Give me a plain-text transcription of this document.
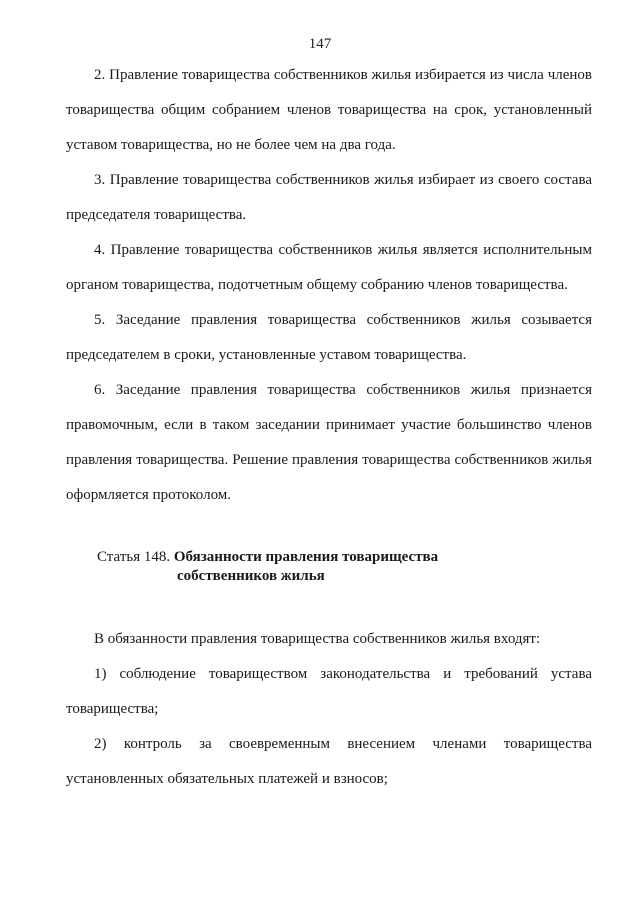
147

2. Правление товарищества собственников жилья избирается из числа членов товарищества общим собранием членов товарищества на срок, установленный уставом товарищества, но не более чем на два года.

3. Правление товарищества собственников жилья избирает из своего состава председателя товарищества.

4. Правление товарищества собственников жилья является исполнительным органом товарищества, подотчетным общему собранию членов товарищества.

5. Заседание правления товарищества собственников жилья созывается председателем в сроки, установленные уставом товарищества.

6. Заседание правления товарищества собственников жилья признается правомочным, если в таком заседании принимает участие большинство членов правления товарищества. Решение правления товарищества собственников жилья оформляется протоколом.

Статья 148. Обязанности правления товарищества
собственников жилья

В обязанности правления товарищества собственников жилья входят:

1) соблюдение товариществом законодательства и требований устава товарищества;

2) контроль за своевременным внесением членами товарищества установленных обязательных платежей и взносов;
